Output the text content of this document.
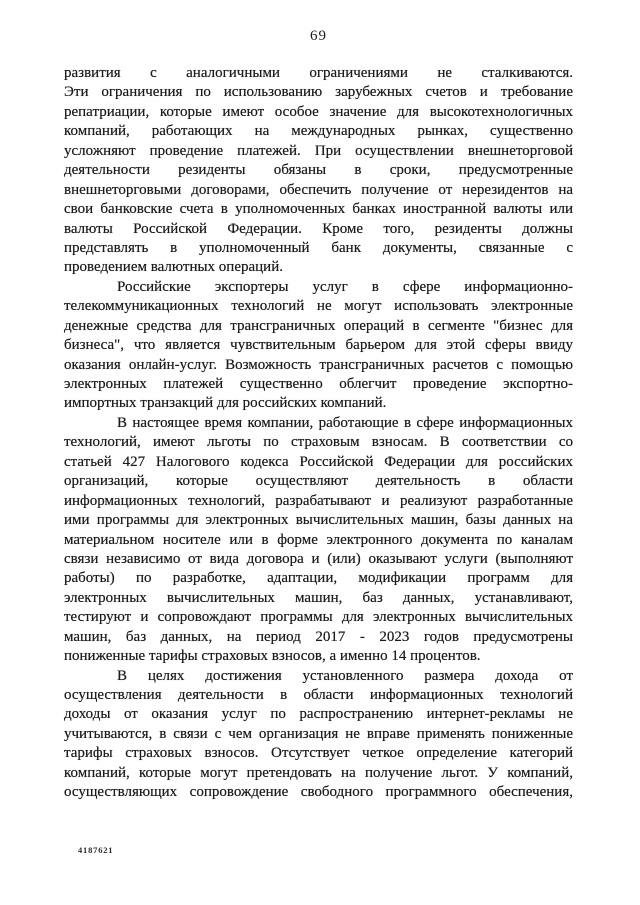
69
развития с аналогичными ограничениями не сталкиваются.
Эти ограничения по использованию зарубежных счетов и требование
репатриации, которые имеют особое значение для высокотехнологичных
компаний, работающих на международных рынках, существенно
усложняют проведение платежей. При осуществлении внешнеторговой
деятельности резиденты обязаны в сроки, предусмотренные
внешнеторговыми договорами, обеспечить получение от нерезидентов на
свои банковские счета в уполномоченных банках иностранной валюты или
валюты Российской Федерации. Кроме того, резиденты должны
представлять в уполномоченный банк документы, связанные с
проведением валютных операций.
Российские экспортеры услуг в сфере информационно-
телекоммуникационных технологий не могут использовать электронные
денежные средства для трансграничных операций в сегменте "бизнес для
бизнеса", что является чувствительным барьером для этой сферы ввиду
оказания онлайн-услуг. Возможность трансграничных расчетов с помощью
электронных платежей существенно облегчит проведение экспортно-
импортных транзакций для российских компаний.
В настоящее время компании, работающие в сфере информационных
технологий, имеют льготы по страховым взносам. В соответствии со
статьей 427 Налогового кодекса Российской Федерации для российских
организаций, которые осуществляют деятельность в области
информационных технологий, разрабатывают и реализуют разработанные
ими программы для электронных вычислительных машин, базы данных на
материальном носителе или в форме электронного документа по каналам
связи независимо от вида договора и (или) оказывают услуги (выполняют
работы) по разработке, адаптации, модификации программ для
электронных вычислительных машин, баз данных, устанавливают,
тестируют и сопровождают программы для электронных вычислительных
машин, баз данных, на период 2017 - 2023 годов предусмотрены
пониженные тарифы страховых взносов, а именно 14 процентов.
В целях достижения установленного размера дохода от
осуществления деятельности в области информационных технологий
доходы от оказания услуг по распространению интернет-рекламы не
учитываются, в связи с чем организация не вправе применять пониженные
тарифы страховых взносов. Отсутствует четкое определение категорий
компаний, которые могут претендовать на получение льгот. У компаний,
осуществляющих сопровождение свободного программного обеспечения,
4187621
